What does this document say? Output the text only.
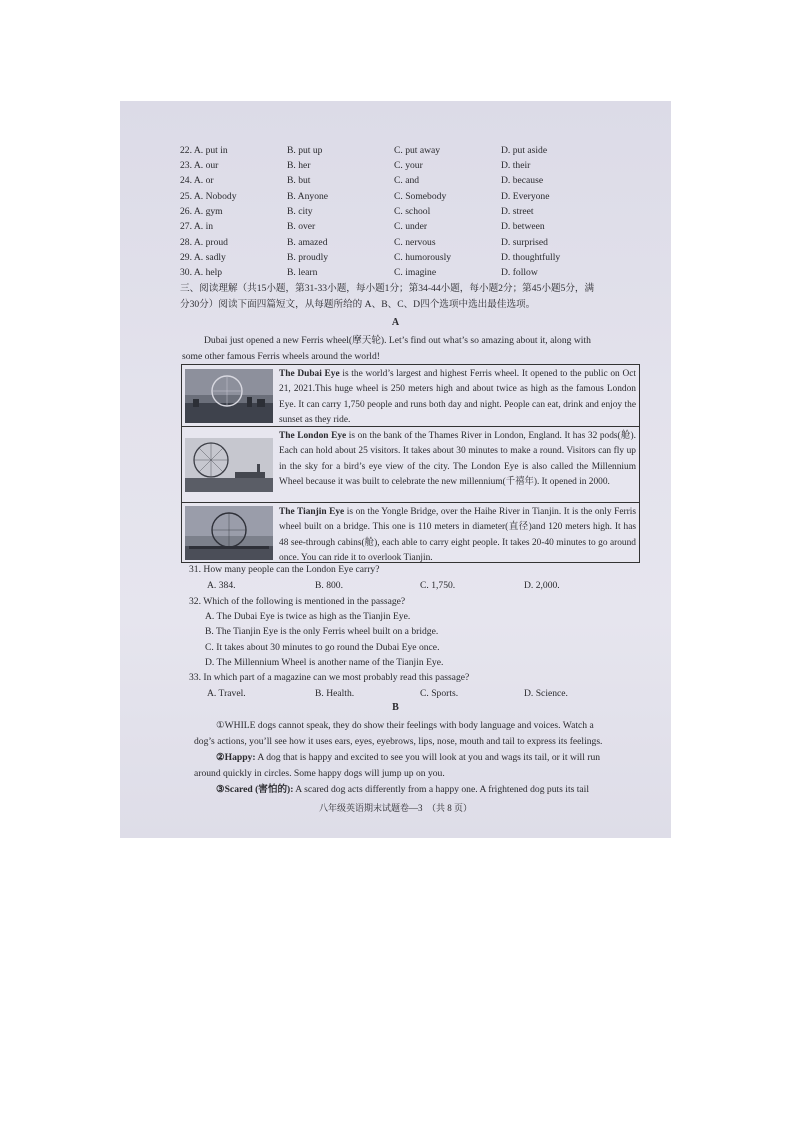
22. A. put in	B. put up	C. put away	D. put aside
23. A. our	B. her	C. your	D. their
24. A. or	B. but	C. and	D. because
25. A. Nobody	B. Anyone	C. Somebody	D. Everyone
26. A. gym	B. city	C. school	D. street
27. A. in	B. over	C. under	D. between
28. A. proud	B. amazed	C. nervous	D. surprised
29. A. sadly	B. proudly	C. humorously	D. thoughtfully
30. A. help	B. learn	C. imagine	D. follow
三、阅读理解（共15小题，第31-33小题，每小题1分；第34-44小题，每小题2分；第45小题5分，满
分30分）阅读下面四篇短文，从每题所给的 A、B、C、D四个选项中选出最佳选项。
A
Dubai just opened a new Ferris wheel(摩天轮). Let’s find out what’s so amazing about it, along with
some other famous Ferris wheels around the world!
The Dubai Eye is the world’s largest and highest Ferris wheel. It opened to the public on Oct 21, 2021.This huge wheel is 250 meters high and about twice as high as the famous London Eye. It can carry 1,750 people and runs both day and night. People can eat, drink and enjoy the sunset as they ride.
The London Eye is on the bank of the Thames River in London, England. It has 32 pods(舱). Each can hold about 25 visitors. It takes about 30 minutes to make a round. Visitors can fly up in the sky for a bird’s eye view of the city. The London Eye is also called the Millennium Wheel because it was built to celebrate the new millennium(千禧年). It opened in 2000.
The Tianjin Eye is on the Yongle Bridge, over the Haihe River in Tianjin. It is the only Ferris wheel built on a bridge. This one is 110 meters in diameter(直径)and 120 meters high. It has 48 see-through cabins(舱), each able to carry eight people. It takes 20-40 minutes to go around once. You can ride it to overlook Tianjin.
31. How many people can the London Eye carry?
A. 384.	B. 800.	C. 1,750.	D. 2,000.
32. Which of the following is mentioned in the passage?
A. The Dubai Eye is twice as high as the Tianjin Eye.
B. The Tianjin Eye is the only Ferris wheel built on a bridge.
C. It takes about 30 minutes to go round the Dubai Eye once.
D. The Millennium Wheel is another name of the Tianjin Eye.
33. In which part of a magazine can we most probably read this passage?
A. Travel.	B. Health.	C. Sports.	D. Science.
B
①WHILE dogs cannot speak, they do show their feelings with body language and voices. Watch a
dog’s actions, you’ll see how it uses ears, eyes, eyebrows, lips, nose, mouth and tail to express its feelings.
②Happy: A dog that is happy and excited to see you will look at you and wags its tail, or it will run
around quickly in circles. Some happy dogs will jump up on you.
③Scared (害怕的): A scared dog acts differently from a happy one. A frightened dog puts its tail
八年级英语期末试题卷—3　（共 8 页）
